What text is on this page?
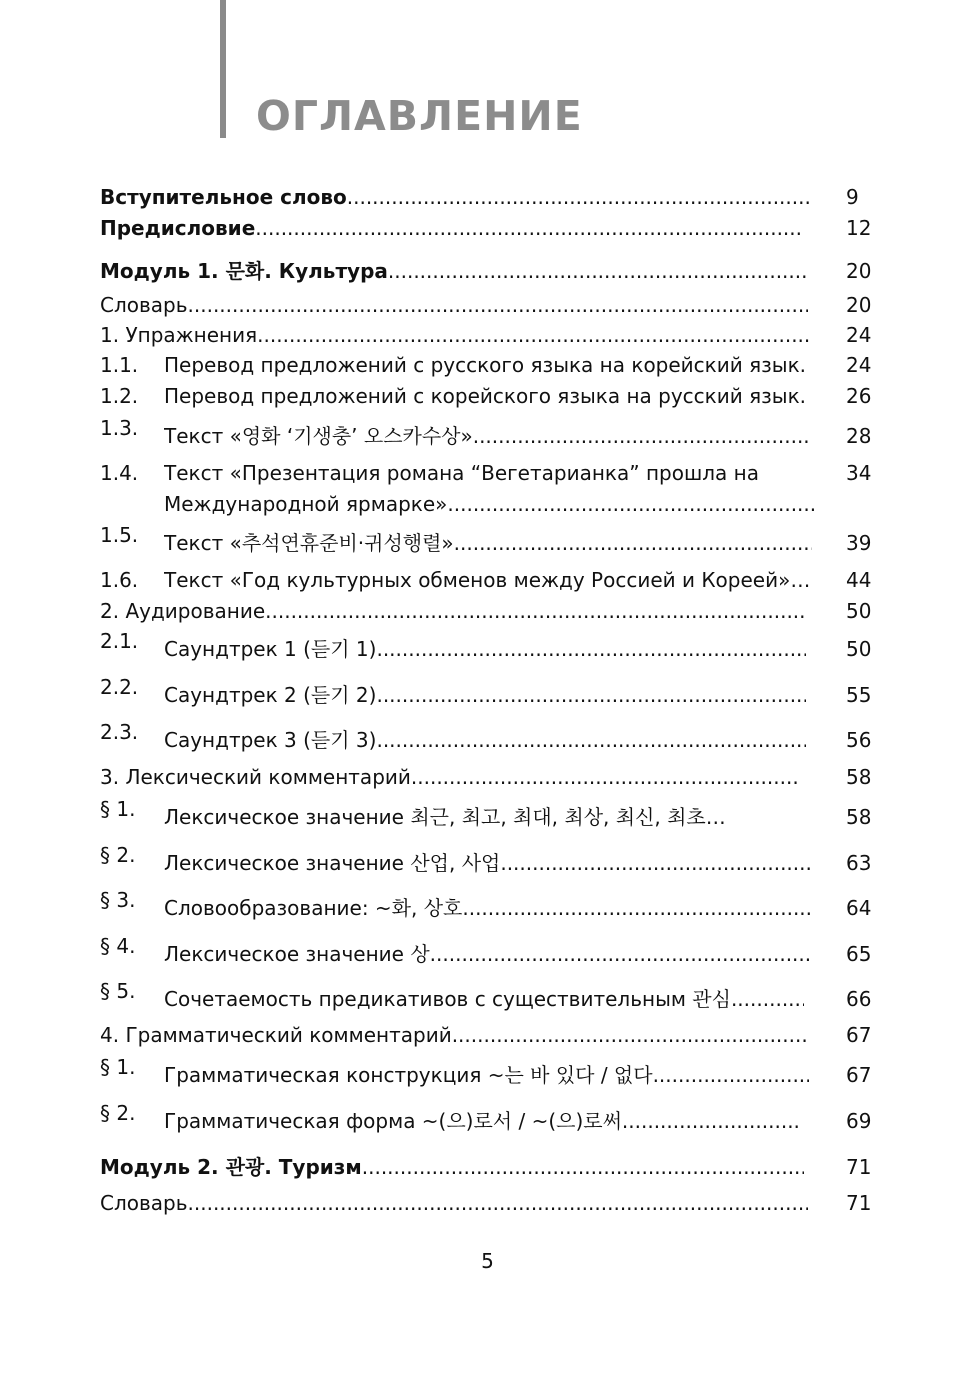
ОГЛАВЛЕНИЕ
Вступительное слово .....	9
Предисловие .....	12
Модуль 1. 문화. Культура .....	20
Словарь .....	20
1. Упражнения .....	24
1.1. Перевод предложений с русского языка на корейский язык. 24
1.2. Перевод предложений с корейского языка на русский язык. 26
1.3. Текст «영화 ‘기생충’ 오스카수상» .....	28
1.4. Текст «Презентация романа “Вегетарианка” прошла на	34
Международной ярмарке»
.....
1.5. Текст «추석연휴준비·귀성행렬» .....	39
1.6. Текст «Год культурных обменов между Россией и Кореей»… 44
2. Аудирование .....	50
2.1. Саундтрек 1 (듣기 1) .....	50
2.2. Саундтрек 2 (듣기 2) .....	55
2.3. Саундтрек 3 (듣기 3) .....	56
3. Лексический комментарий .....	58
§ 1. Лексическое значение 최근, 최고, 최대, 최상, 최신, 최초…	58
§ 2. Лексическое значение 산업, 사업 .....	63
§ 3. Словообразование: ~화, 상호 .....	64
§ 4. Лексическое значение 상 .....	65
§ 5. Сочетаемость предикативов с существительным 관심 .....	66
4. Грамматический комментарий .....	67
§ 1. Грамматическая конструкция ~는 바 있다 / 없다 .....	67
§ 2. Грамматическая форма ~(으)로서 / ~(으)로써 .....	69
Модуль 2. 관광. Туризм .....	71
Словарь .....	71
5
